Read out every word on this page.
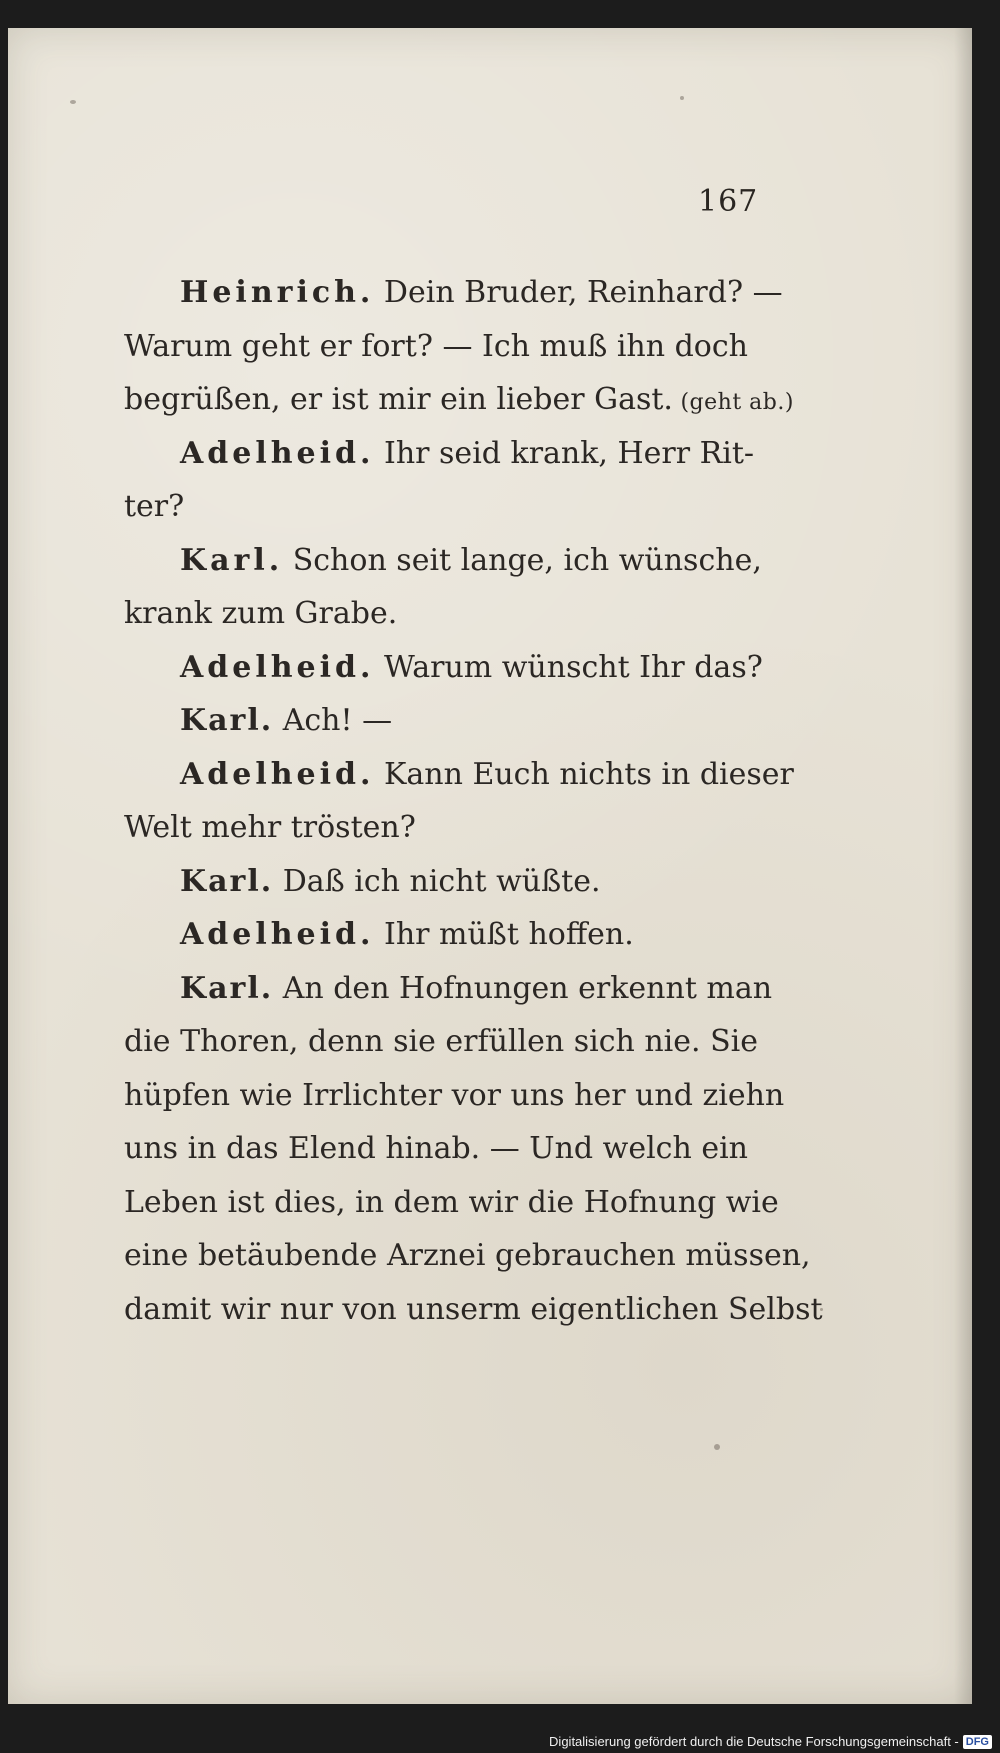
167
Heinrich. Dein Bruder, Reinhard? —
Warum geht er fort? — Ich muß ihn doch
begrüßen, er ist mir ein lieber Gast. (geht ab.)
Adelheid. Ihr seid krank, Herr Rit-
ter?
Karl. Schon seit lange, ich wünsche,
krank zum Grabe.
Adelheid. Warum wünscht Ihr das?
Karl. Ach! —
Adelheid. Kann Euch nichts in dieser
Welt mehr trösten?
Karl. Daß ich nicht wüßte.
Adelheid. Ihr müßt hoffen.
Karl. An den Hofnungen erkennt man
die Thoren, denn sie erfüllen sich nie. Sie
hüpfen wie Irrlichter vor uns her und ziehn
uns in das Elend hinab. — Und welch ein
Leben ist dies, in dem wir die Hofnung wie
eine betäubende Arznei gebrauchen müssen,
damit wir nur von unserm eigentlichen Selbst
Digitalisierung gefördert durch die Deutsche Forschungsgemeinschaft - DFG
